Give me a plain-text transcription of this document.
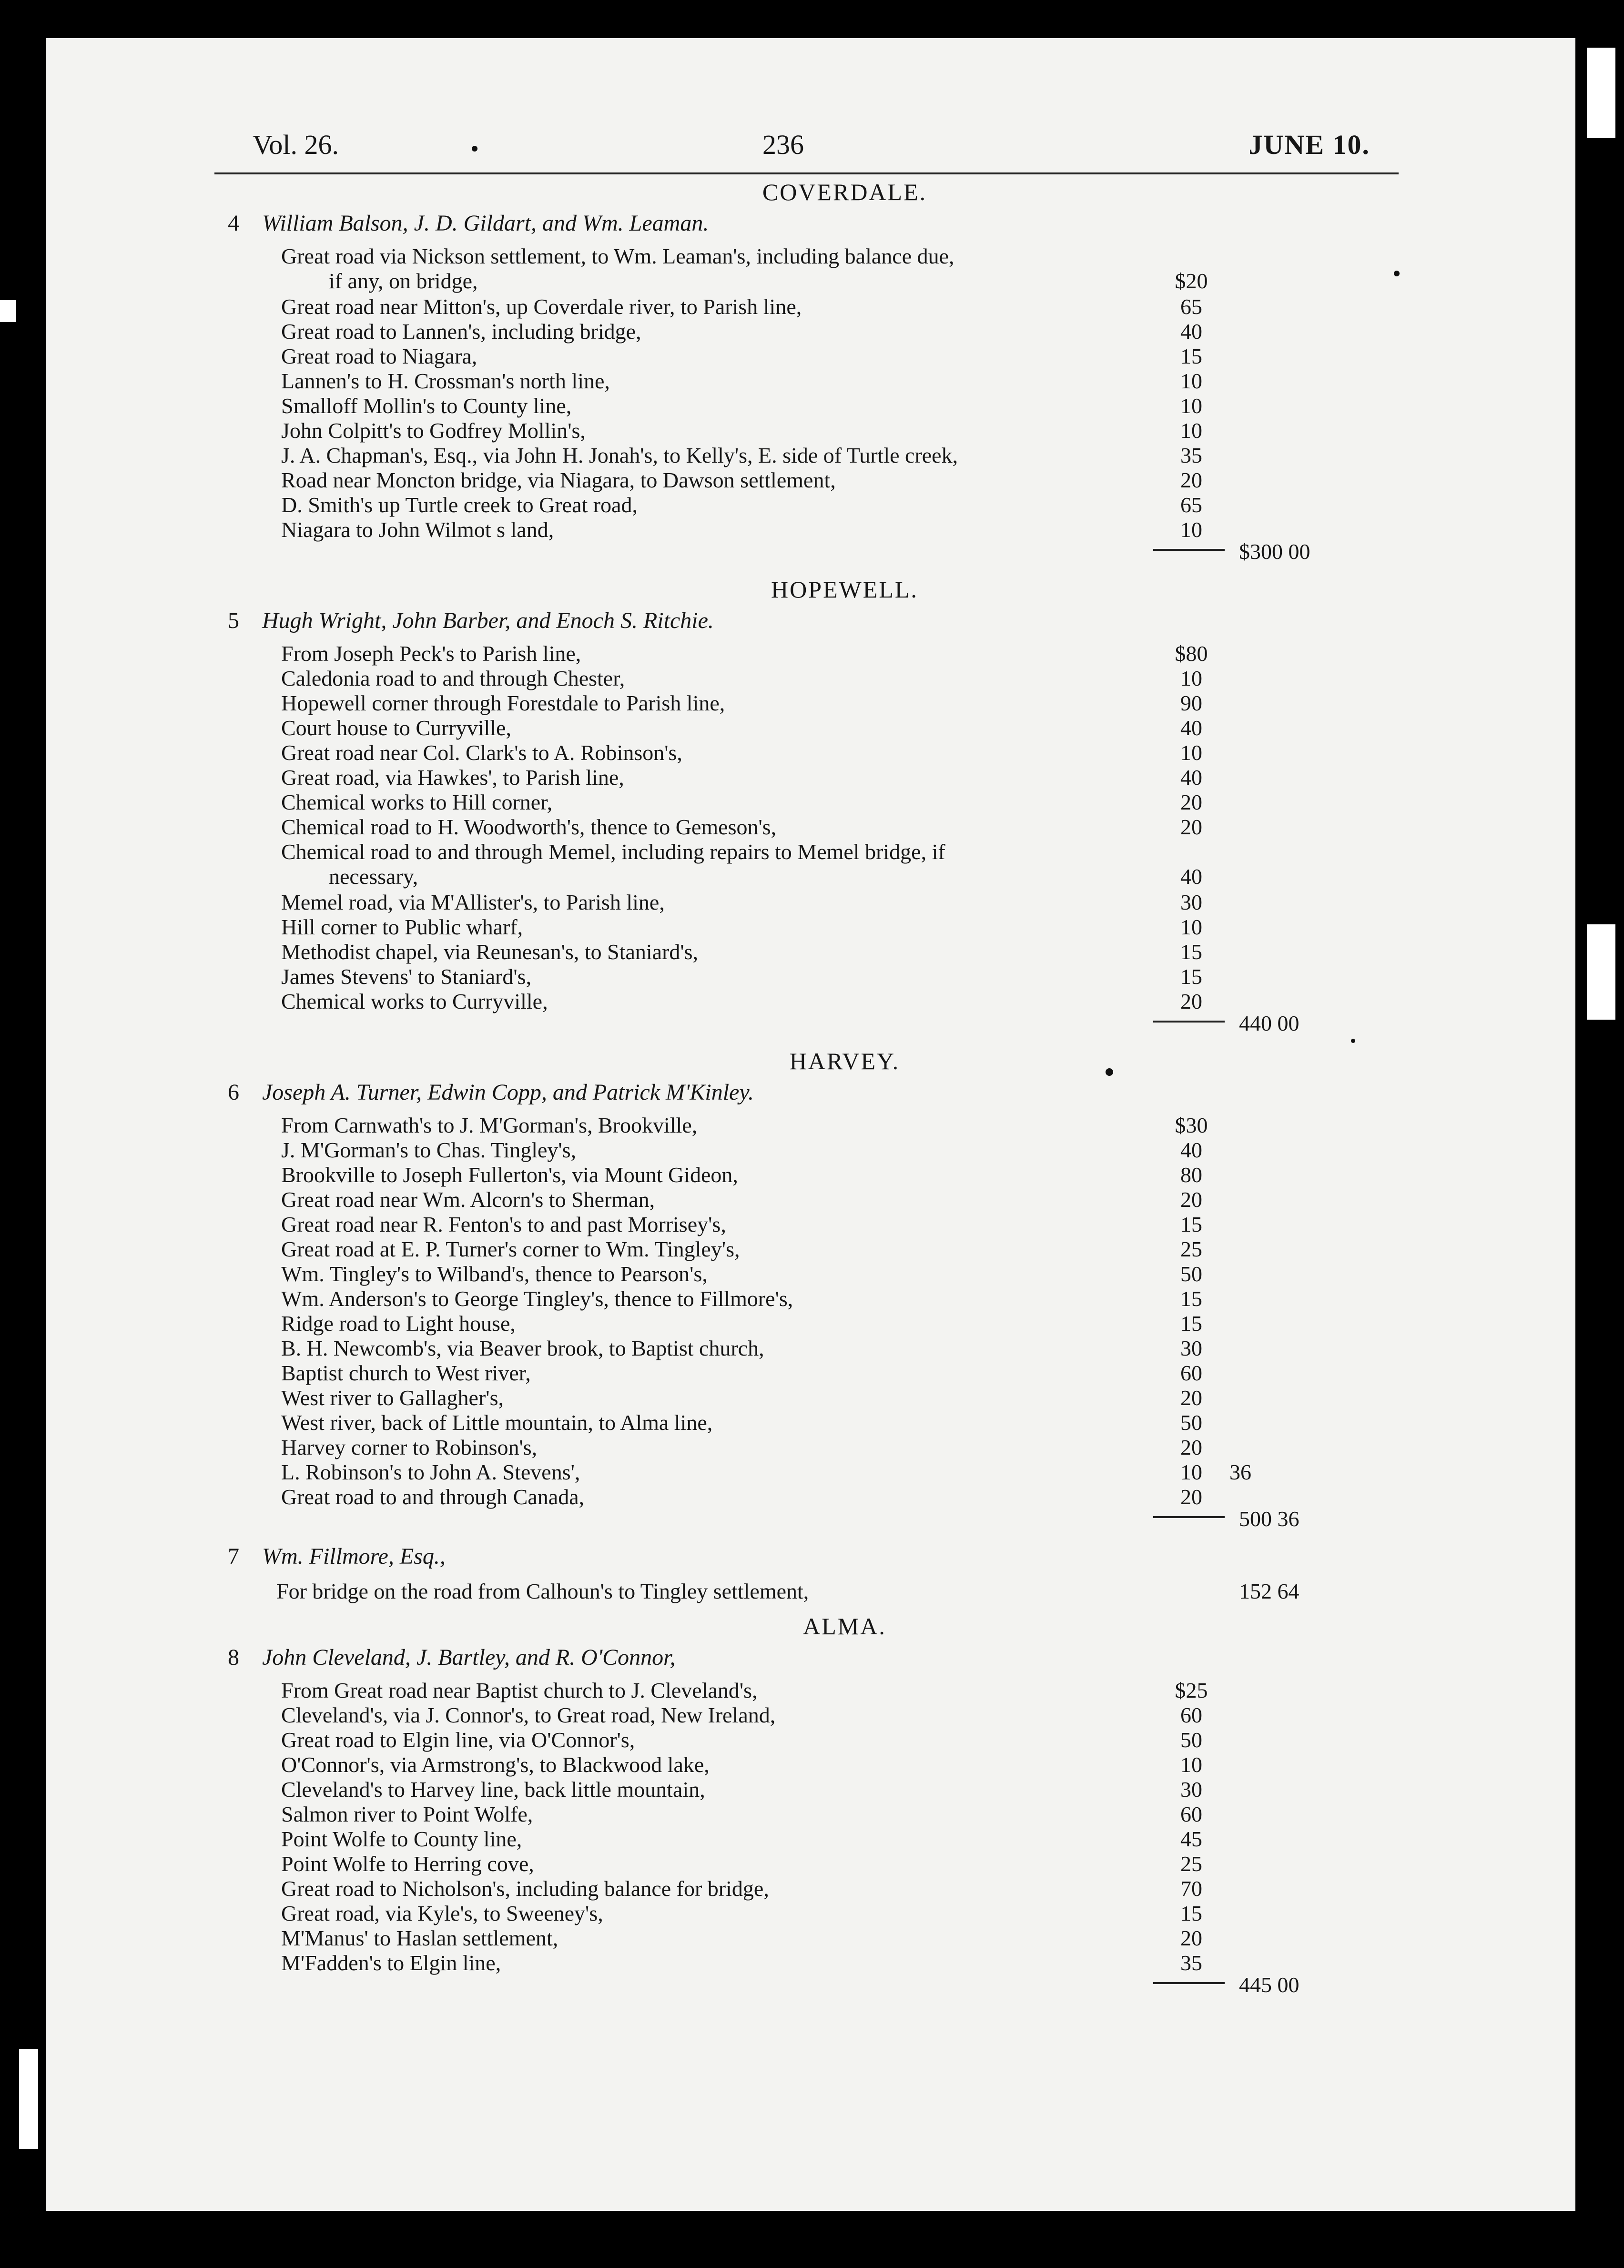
Vol. 26.	236	JUNE 10.
COVERDALE.
4 William Balson, J. D. Gildart, and Wm. Leaman.
Great road via Nickson settlement, to Wm. Leaman's, including balance due,
if any, on bridge,	$20
Great road near Mitton's, up Coverdale river, to Parish line,	65
Great road to Lannen's, including bridge,	40
Great road to Niagara,	15
Lannen's to H. Crossman's north line,	10
Smalloff Mollin's to County line,	10
John Colpitt's to Godfrey Mollin's,	10
J. A. Chapman's, Esq., via John H. Jonah's, to Kelly's, E. side of Turtle creek,	35
Road near Moncton bridge, via Niagara, to Dawson settlement,	20
D. Smith's up Turtle creek to Great road,	65
Niagara to John Wilmot s land,	10
$300 00
HOPEWELL.
5 Hugh Wright, John Barber, and Enoch S. Ritchie.
From Joseph Peck's to Parish line,	$80
Caledonia road to and through Chester,	10
Hopewell corner through Forestdale to Parish line,	90
Court house to Curryville,	40
Great road near Col. Clark's to A. Robinson's,	10
Great road, via Hawkes', to Parish line,	40
Chemical works to Hill corner,	20
Chemical road to H. Woodworth's, thence to Gemeson's,	20
Chemical road to and through Memel, including repairs to Memel bridge, if
necessary,	40
Memel road, via M'Allister's, to Parish line,	30
Hill corner to Public wharf,	10
Methodist chapel, via Reunesan's, to Staniard's,	15
James Stevens' to Staniard's,	15
Chemical works to Curryville,	20
440 00
HARVEY.
6 Joseph A. Turner, Edwin Copp, and Patrick M'Kinley.
From Carnwath's to J. M'Gorman's, Brookville,	$30
J. M'Gorman's to Chas. Tingley's,	40
Brookville to Joseph Fullerton's, via Mount Gideon,	80
Great road near Wm. Alcorn's to Sherman,	20
Great road near R. Fenton's to and past Morrisey's,	15
Great road at E. P. Turner's corner to Wm. Tingley's,	25
Wm. Tingley's to Wilband's, thence to Pearson's,	50
Wm. Anderson's to George Tingley's, thence to Fillmore's,	15
Ridge road to Light house,	15
B. H. Newcomb's, via Beaver brook, to Baptist church,	30
Baptist church to West river,	60
West river to Gallagher's,	20
West river, back of Little mountain, to Alma line,	50
Harvey corner to Robinson's,	20
L. Robinson's to John A. Stevens',	10	36
Great road to and through Canada,	20
500 36
7 Wm. Fillmore, Esq.,
For bridge on the road from Calhoun's to Tingley settlement,	152 64
ALMA.
8 John Cleveland, J. Bartley, and R. O'Connor,
From Great road near Baptist church to J. Cleveland's,	$25
Cleveland's, via J. Connor's, to Great road, New Ireland,	60
Great road to Elgin line, via O'Connor's,	50
O'Connor's, via Armstrong's, to Blackwood lake,	10
Cleveland's to Harvey line, back little mountain,	30
Salmon river to Point Wolfe,	60
Point Wolfe to County line,	45
Point Wolfe to Herring cove,	25
Great road to Nicholson's, including balance for bridge,	70
Great road, via Kyle's, to Sweeney's,	15
M'Manus' to Haslan settlement,	20
M'Fadden's to Elgin line,	35
445 00
